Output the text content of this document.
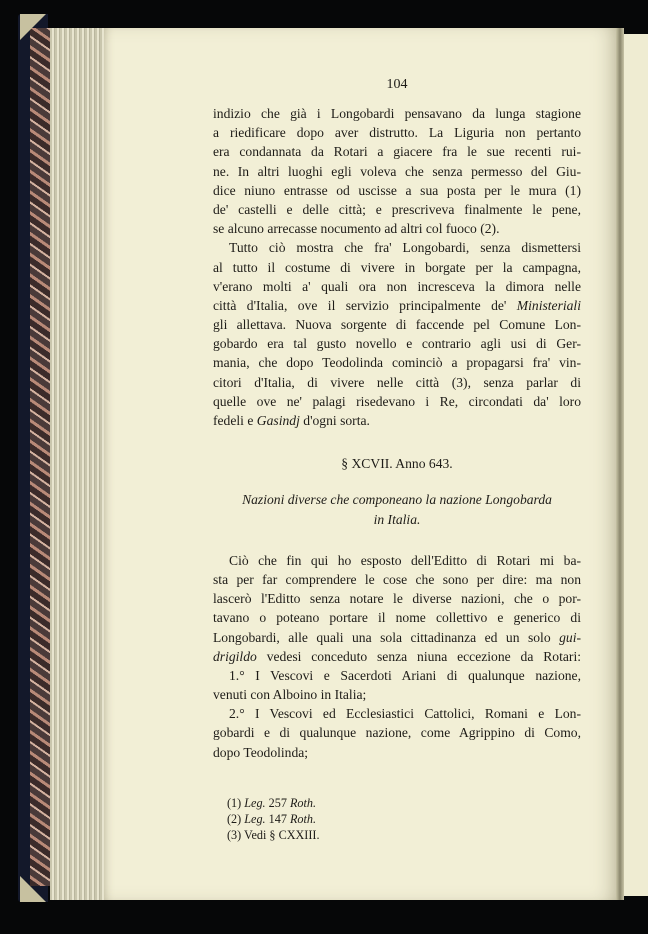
104
indizio che già i Longobardi pensavano da lunga stagione
a riedificare dopo aver distrutto. La Liguria non pertanto
era condannata da Rotari a giacere fra le sue recenti rui-
ne. In altri luoghi egli voleva che senza permesso del Giu-
dice niuno entrasse od uscisse a sua posta per le mura (1)
de' castelli e delle città; e prescriveva finalmente le pene,
se alcuno arrecasse nocumento ad altri col fuoco (2).
Tutto ciò mostra che fra' Longobardi, senza dismettersi
al tutto il costume di vivere in borgate per la campagna,
v'erano molti a' quali ora non incresceva la dimora nelle
città d'Italia, ove il servizio principalmente de' Ministeriali
gli allettava. Nuova sorgente di faccende pel Comune Lon-
gobardo era tal gusto novello e contrario agli usi di Ger-
mania, che dopo Teodolinda cominciò a propagarsi fra' vin-
citori d'Italia, di vivere nelle città (3), senza parlar di
quelle ove ne' palagi risedevano i Re, circondati da' loro
fedeli e Gasindj d'ogni sorta.
§ XCVII. Anno 643.
Nazioni diverse che componeano la nazione Longobarda
in Italia.
Ciò che fin qui ho esposto dell'Editto di Rotari mi ba-
sta per far comprendere le cose che sono per dire: ma non
lascerò l'Editto senza notare le diverse nazioni, che o por-
tavano o poteano portare il nome collettivo e generico di
Longobardi, alle quali una sola cittadinanza ed un solo gui-
drigildo vedesi conceduto senza niuna eccezione da Rotari:
1.° I Vescovi e Sacerdoti Ariani di qualunque nazione,
venuti con Alboino in Italia;
2.° I Vescovi ed Ecclesiastici Cattolici, Romani e Lon-
gobardi e di qualunque nazione, come Agrippino di Como,
dopo Teodolinda;
(1) Leg. 257 Roth.
(2) Leg. 147 Roth.
(3) Vedi § CXXIII.
